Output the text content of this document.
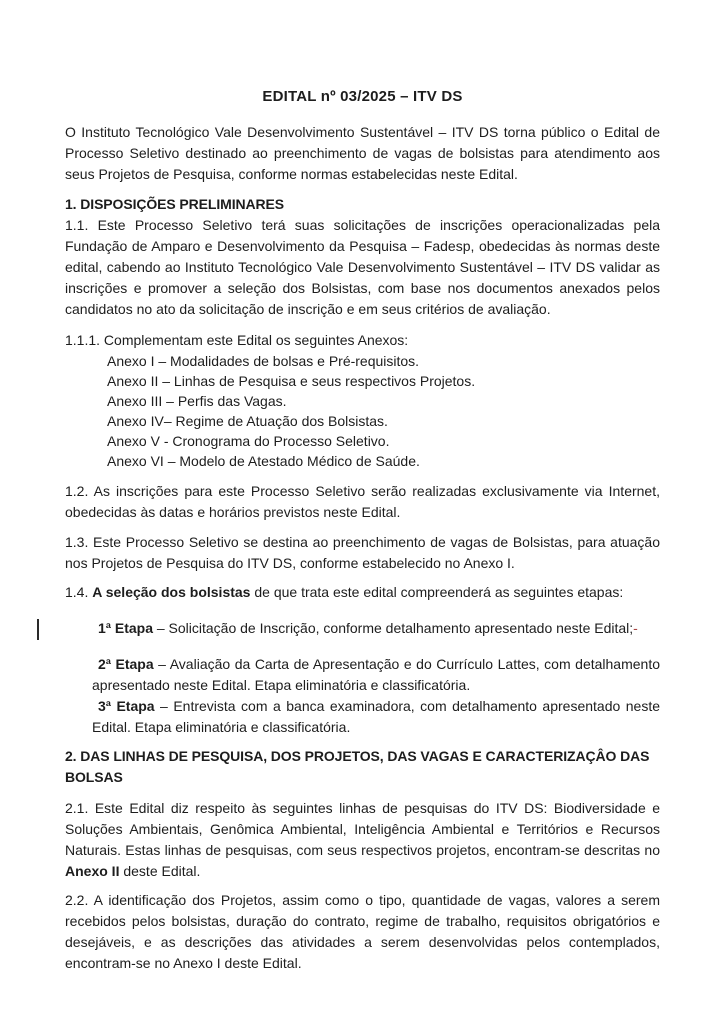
EDITAL nº 03/2025 – ITV DS

O Instituto Tecnológico Vale Desenvolvimento Sustentável – ITV DS torna público o Edital de Processo Seletivo destinado ao preenchimento de vagas de bolsistas para atendimento aos seus Projetos de Pesquisa, conforme normas estabelecidas neste Edital.

1. DISPOSIÇÕES PRELIMINARES

1.1. Este Processo Seletivo terá suas solicitações de inscrições operacionalizadas pela Fundação de Amparo e Desenvolvimento da Pesquisa – Fadesp, obedecidas às normas deste edital, cabendo ao Instituto Tecnológico Vale Desenvolvimento Sustentável – ITV DS validar as inscrições e promover a seleção dos Bolsistas, com base nos documentos anexados pelos candidatos no ato da solicitação de inscrição e em seus critérios de avaliação.

1.1.1. Complementam este Edital os seguintes Anexos:

Anexo I – Modalidades de bolsas e Pré-requisitos.
Anexo II – Linhas de Pesquisa e seus respectivos Projetos.
Anexo III – Perfis das Vagas.
Anexo IV– Regime de Atuação dos Bolsistas.
Anexo V - Cronograma do Processo Seletivo.
Anexo VI – Modelo de Atestado Médico de Saúde.

1.2. As inscrições para este Processo Seletivo serão realizadas exclusivamente via Internet, obedecidas às datas e horários previstos neste Edital.

1.3. Este Processo Seletivo se destina ao preenchimento de vagas de Bolsistas, para atuação nos Projetos de Pesquisa do ITV DS, conforme estabelecido no Anexo I.

1.4. A seleção dos bolsistas de que trata este edital compreenderá as seguintes etapas:

1ª Etapa – Solicitação de Inscrição, conforme detalhamento apresentado neste Edital;-

2ª Etapa – Avaliação da Carta de Apresentação e do Currículo Lattes, com detalhamento apresentado neste Edital. Etapa eliminatória e classificatória.

3ª Etapa – Entrevista com a banca examinadora, com detalhamento apresentado neste Edital. Etapa eliminatória e classificatória.

2. DAS LINHAS DE PESQUISA, DOS PROJETOS, DAS VAGAS E CARACTERIZAÇÂO DAS BOLSAS

2.1. Este Edital diz respeito às seguintes linhas de pesquisas do ITV DS: Biodiversidade e Soluções Ambientais, Genômica Ambiental, Inteligência Ambiental e Territórios e Recursos Naturais. Estas linhas de pesquisas, com seus respectivos projetos, encontram-se descritas no Anexo II deste Edital.

2.2. A identificação dos Projetos, assim como o tipo, quantidade de vagas, valores a serem recebidos pelos bolsistas, duração do contrato, regime de trabalho, requisitos obrigatórios e desejáveis, e as descrições das atividades a serem desenvolvidas pelos contemplados, encontram-se no Anexo I deste Edital.
